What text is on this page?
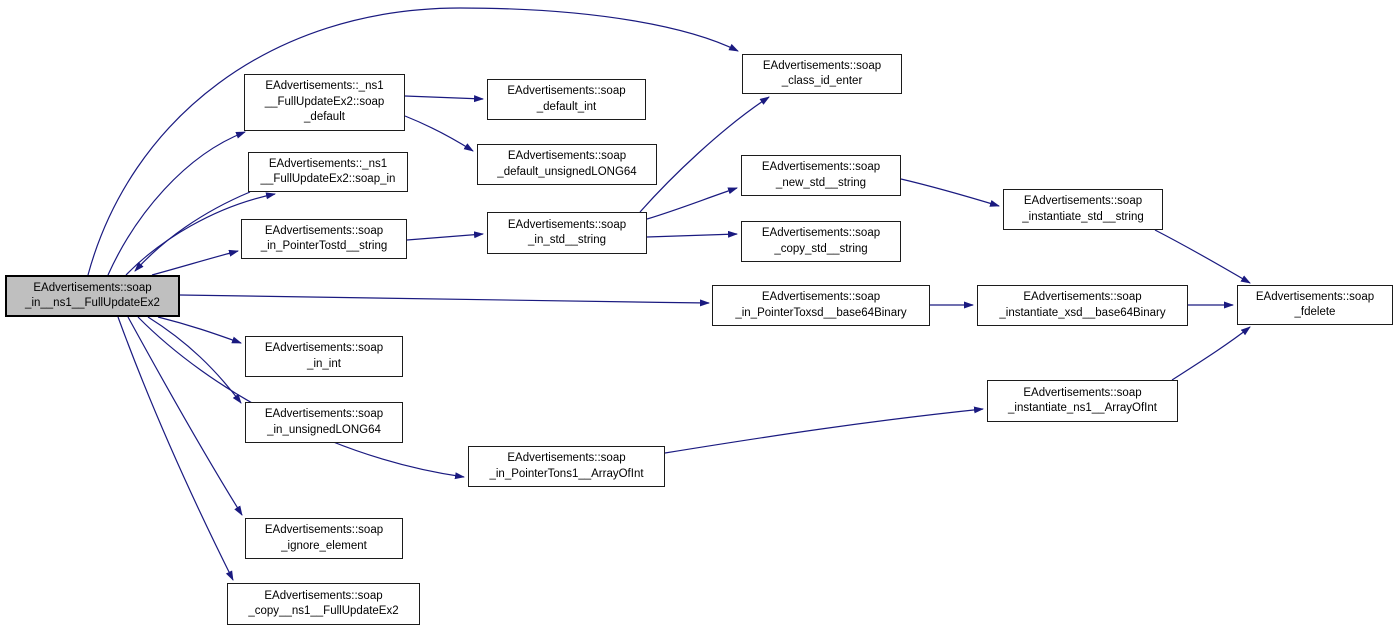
EAdvertisements::soap
_in__ns1__FullUpdateEx2
EAdvertisements::_ns1
__FullUpdateEx2::soap
_default
EAdvertisements::soap
_default_int
EAdvertisements::soap
_default_unsignedLONG64
EAdvertisements::_ns1
__FullUpdateEx2::soap_in
EAdvertisements::soap
_in_PointerTostd__string
EAdvertisements::soap
_in_std__string
EAdvertisements::soap
_class_id_enter
EAdvertisements::soap
_new_std__string
EAdvertisements::soap
_copy_std__string
EAdvertisements::soap
_instantiate_std__string
EAdvertisements::soap
_in_PointerToxsd__base64Binary
EAdvertisements::soap
_instantiate_xsd__base64Binary
EAdvertisements::soap
_fdelete
EAdvertisements::soap
_in_int
EAdvertisements::soap
_in_unsignedLONG64
EAdvertisements::soap
_in_PointerTons1__ArrayOfInt
EAdvertisements::soap
_instantiate_ns1__ArrayOfInt
EAdvertisements::soap
_ignore_element
EAdvertisements::soap
_copy__ns1__FullUpdateEx2
